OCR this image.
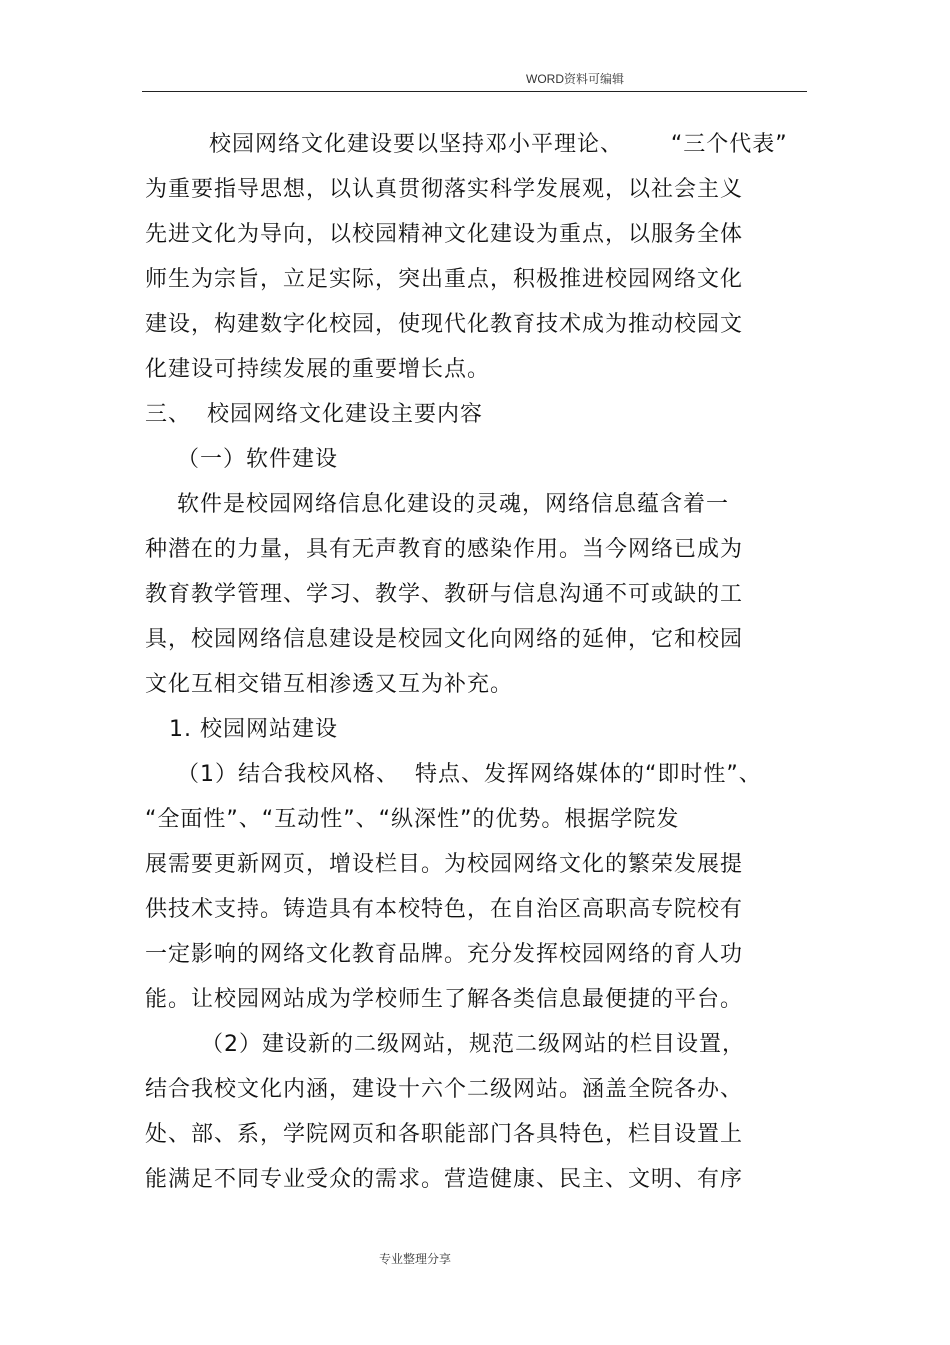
WORD资料可编辑
校园网络文化建设要以坚持邓小平理论、      “三个代表”
为重要指导思想，以认真贯彻落实科学发展观，以社会主义
先进文化为导向，以校园精神文化建设为重点，以服务全体
师生为宗旨，立足实际，突出重点，积极推进校园网络文化
建设，构建数字化校园，使现代化教育技术成为推动校园文
化建设可持续发展的重要增长点。
三、  校园网络文化建设主要内容
（一）软件建设
软件是校园网络信息化建设的灵魂，网络信息蕴含着一
种潜在的力量，具有无声教育的感染作用。当今网络已成为
教育教学管理、学习、教学、教研与信息沟通不可或缺的工
具，校园网络信息建设是校园文化向网络的延伸，它和校园
文化互相交错互相渗透又互为补充。
1. 校园网站建设
（1）结合我校风格、  特点、发挥网络媒体的“即时性”、
“全面性”、“互动性”、“纵深性”的优势。根据学院发
展需要更新网页，增设栏目。为校园网络文化的繁荣发展提
供技术支持。铸造具有本校特色，在自治区高职高专院校有
一定影响的网络文化教育品牌。充分发挥校园网络的育人功
能。让校园网站成为学校师生了解各类信息最便捷的平台。
（2）建设新的二级网站，规范二级网站的栏目设置，
结合我校文化内涵，建设十六个二级网站。涵盖全院各办、
处、部、系，学院网页和各职能部门各具特色，栏目设置上
能满足不同专业受众的需求。营造健康、民主、文明、有序
专业整理分享
